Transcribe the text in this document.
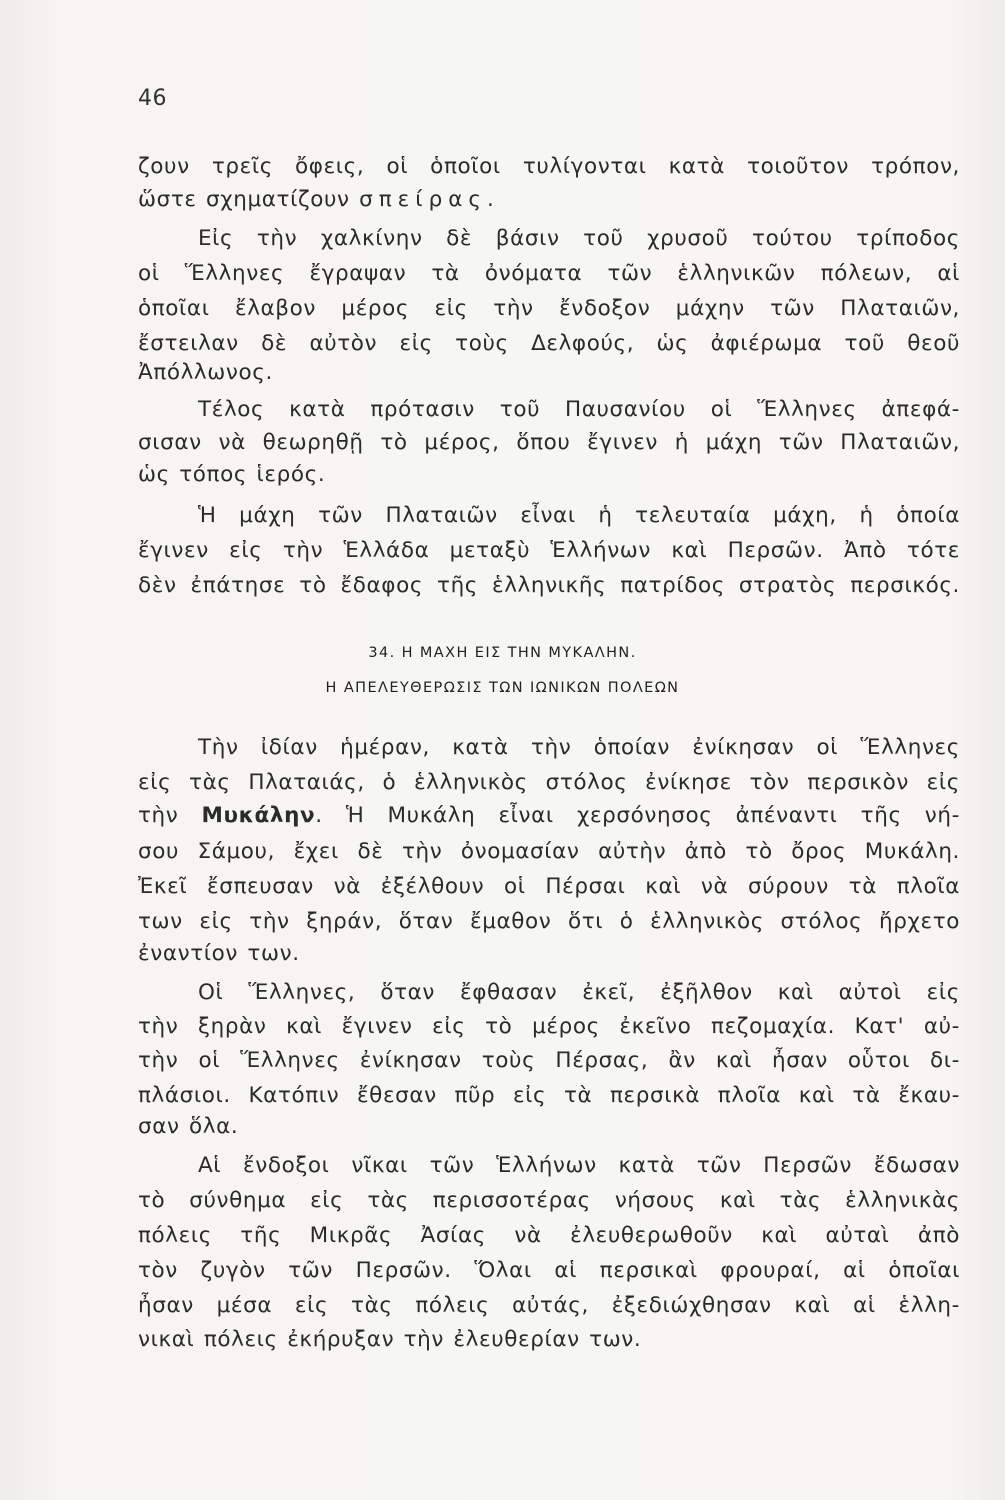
46
ζουν τρεῖς ὄφεις, οἱ ὁποῖοι τυλίγονται κατὰ τοιοῦτον τρόπον,
ὥστε σχηματίζουν σπείρας.
Εἰς τὴν χαλκίνην δὲ βάσιν τοῦ χρυσοῦ τούτου τρίποδος
οἱ Ἕλληνες ἔγραψαν τὰ ὀνόματα τῶν ἑλληνικῶν πόλεων, αἱ
ὁποῖαι ἔλαβον μέρος εἰς τὴν ἔνδοξον μάχην τῶν Πλαταιῶν,
ἔστειλαν δὲ αὐτὸν εἰς τοὺς Δελφούς, ὡς ἀφιέρωμα τοῦ θεοῦ
Ἀπόλλωνος.
Τέλος κατὰ πρότασιν τοῦ Παυσανίου οἱ Ἕλληνες ἀπεφά-
σισαν νὰ θεωρηθῇ τὸ μέρος, ὅπου ἔγινεν ἡ μάχη τῶν Πλαταιῶν,
ὡς τόπος ἱερός.
Ἡ μάχη τῶν Πλαταιῶν εἶναι ἡ τελευταία μάχη, ἡ ὁποία
ἔγινεν εἰς τὴν Ἑλλάδα μεταξὺ Ἑλλήνων καὶ Περσῶν. Ἀπὸ τότε
δὲν ἐπάτησε τὸ ἔδαφος τῆς ἑλληνικῆς πατρίδος στρατὸς περσικός.
34. Η ΜΑΧΗ ΕΙΣ ΤΗΝ ΜΥΚΑΛΗΝ.
Η ΑΠΕΛΕΥΘΕΡΩΣΙΣ ΤΩΝ ΙΩΝΙΚΩΝ ΠΟΛΕΩΝ
Τὴν ἰδίαν ἡμέραν, κατὰ τὴν ὁποίαν ἐνίκησαν οἱ Ἕλληνες
εἰς τὰς Πλαταιάς, ὁ ἑλληνικὸς στόλος ἐνίκησε τὸν περσικὸν εἰς
τὴν Μυκάλην. Ἡ Μυκάλη εἶναι χερσόνησος ἀπέναντι τῆς νή-
σου Σάμου, ἔχει δὲ τὴν ὀνομασίαν αὐτὴν ἀπὸ τὸ ὄρος Μυκάλη.
Ἐκεῖ ἔσπευσαν νὰ ἐξέλθουν οἱ Πέρσαι καὶ νὰ σύρουν τὰ πλοῖα
των εἰς τὴν ξηράν, ὅταν ἔμαθον ὅτι ὁ ἑλληνικὸς στόλος ἤρχετο
ἐναντίον των.
Οἱ Ἕλληνες, ὅταν ἔφθασαν ἐκεῖ, ἐξῆλθον καὶ αὐτοὶ εἰς
τὴν ξηρὰν καὶ ἔγινεν εἰς τὸ μέρος ἐκεῖνο πεζομαχία. Κατ' αὐ-
τὴν οἱ Ἕλληνες ἐνίκησαν τοὺς Πέρσας, ἂν καὶ ἦσαν οὗτοι δι-
πλάσιοι. Κατόπιν ἔθεσαν πῦρ εἰς τὰ περσικὰ πλοῖα καὶ τὰ ἔκαυ-
σαν ὅλα.
Αἱ ἔνδοξοι νῖκαι τῶν Ἑλλήνων κατὰ τῶν Περσῶν ἔδωσαν
τὸ σύνθημα εἰς τὰς περισσοτέρας νήσους καὶ τὰς ἑλληνικὰς
πόλεις τῆς Μικρᾶς Ἀσίας νὰ ἐλευθερωθοῦν καὶ αὐταὶ ἀπὸ
τὸν ζυγὸν τῶν Περσῶν. Ὅλαι αἱ περσικαὶ φρουραί, αἱ ὁποῖαι
ἦσαν μέσα εἰς τὰς πόλεις αὐτάς, ἐξεδιώχθησαν καὶ αἱ ἑλλη-
νικαὶ πόλεις ἐκήρυξαν τὴν ἐλευθερίαν των.
